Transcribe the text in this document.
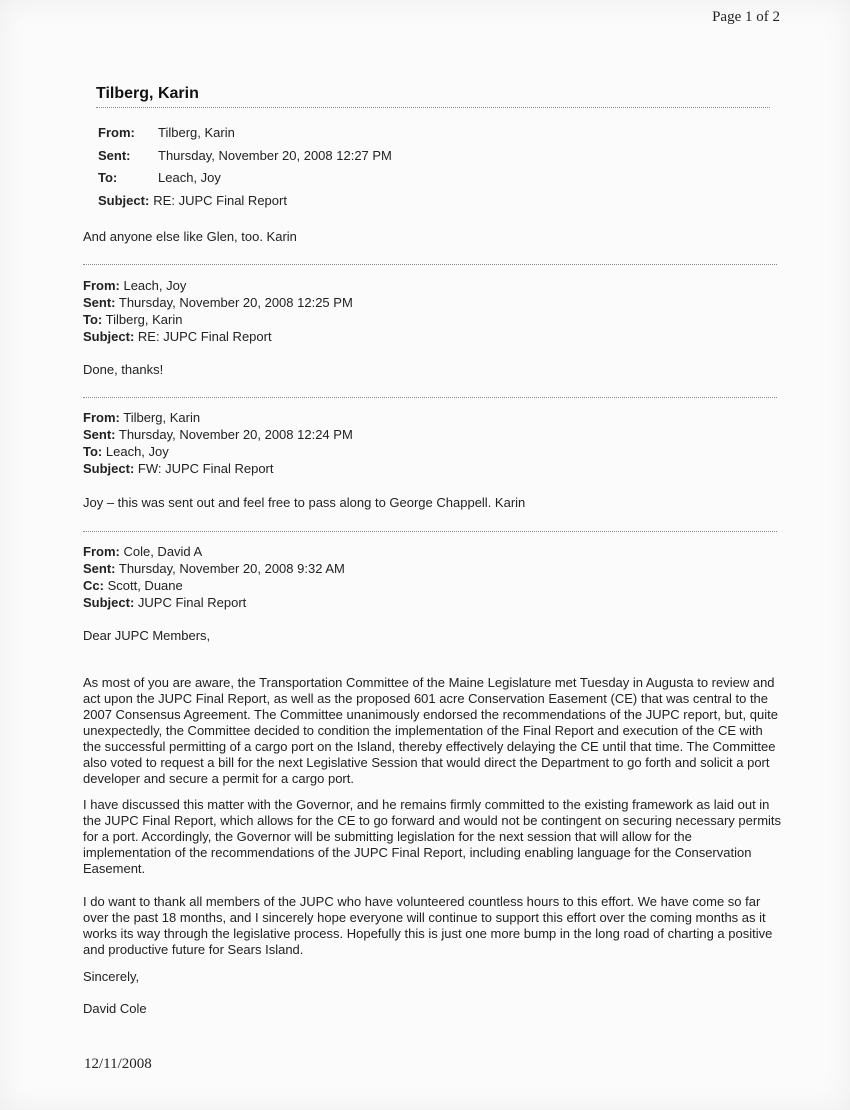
Page 1 of 2
Tilberg, Karin
From:	Tilberg, Karin
Sent:	Thursday, November 20, 2008 12:27 PM
To:	Leach, Joy
Subject: RE: JUPC Final Report
And anyone else like Glen, too. Karin
From: Leach, Joy
Sent: Thursday, November 20, 2008 12:25 PM
To: Tilberg, Karin
Subject: RE: JUPC Final Report
Done, thanks!
From: Tilberg, Karin
Sent: Thursday, November 20, 2008 12:24 PM
To: Leach, Joy
Subject: FW: JUPC Final Report
Joy – this was sent out and feel free to pass along to George Chappell. Karin
From: Cole, David A
Sent: Thursday, November 20, 2008 9:32 AM
Cc: Scott, Duane
Subject: JUPC Final Report
Dear JUPC Members,
As most of you are aware, the Transportation Committee of the Maine Legislature met Tuesday in Augusta to review and act upon the JUPC Final Report, as well as the proposed 601 acre Conservation Easement (CE) that was central to the 2007 Consensus Agreement. The Committee unanimously endorsed the recommendations of the JUPC report, but, quite unexpectedly, the Committee decided to condition the implementation of the Final Report and execution of the CE with the successful permitting of a cargo port on the Island, thereby effectively delaying the CE until that time. The Committee also voted to request a bill for the next Legislative Session that would direct the Department to go forth and solicit a port developer and secure a permit for a cargo port.
I have discussed this matter with the Governor, and he remains firmly committed to the existing framework as laid out in the JUPC Final Report, which allows for the CE to go forward and would not be contingent on securing necessary permits for a port. Accordingly, the Governor will be submitting legislation for the next session that will allow for the implementation of the recommendations of the JUPC Final Report, including enabling language for the Conservation Easement.
I do want to thank all members of the JUPC who have volunteered countless hours to this effort. We have come so far over the past 18 months, and I sincerely hope everyone will continue to support this effort over the coming months as it works its way through the legislative process. Hopefully this is just one more bump in the long road of charting a positive and productive future for Sears Island.
Sincerely,
David Cole
12/11/2008
